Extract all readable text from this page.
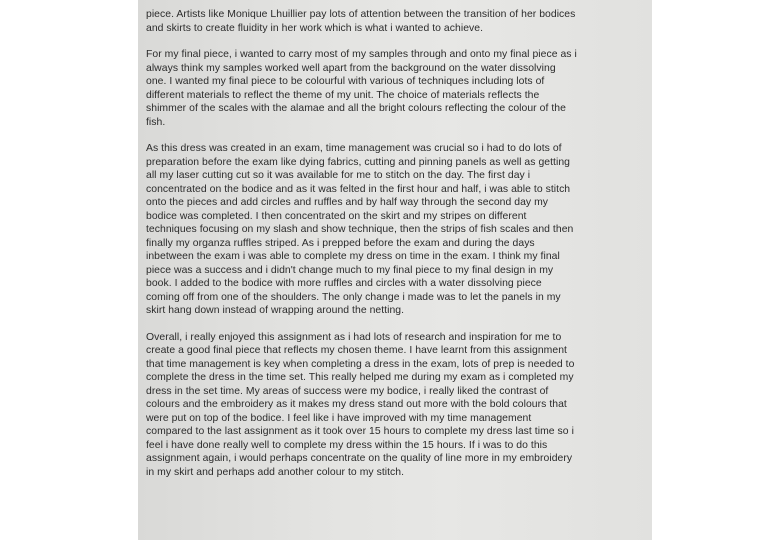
piece. Artists like Monique Lhuillier pay lots of attention between the transition of her bodices
and skirts to create fluidity in her work which is what i wanted to achieve.

For my final piece, i wanted to carry most of my samples through and onto my final piece as i
always think my samples worked well apart from the background on the water dissolving
one. I wanted my final piece to be colourful with various of techniques including lots of
different materials to reflect the theme of my unit. The choice of materials reflects the
shimmer of the scales with the alamae and all the bright colours reflecting the colour of the
fish.

As this dress was created in an exam, time management was crucial so i had to do lots of
preparation before the exam like dying fabrics, cutting and pinning panels as well as getting
all my laser cutting cut so it was available for me to stitch on the day. The first day i
concentrated on the bodice and as it was felted in the first hour and half, i was able to stitch
onto the pieces and add circles and ruffles and by half way through the second day my
bodice was completed. I then concentrated on the skirt and my stripes on different
techniques focusing on my slash and show technique, then the strips of fish scales and then
finally my organza ruffles striped. As i prepped before the exam and during the days
inbetween the exam i was able to complete my dress on time in the exam. I think my final
piece was a success and i didn't change much to my final piece to my final design in my
book. I added to the bodice with more ruffles and circles with a water dissolving piece
coming off from one of the shoulders. The only change i made was to let the panels in my
skirt hang down instead of wrapping around the netting.

Overall, i really enjoyed this assignment as i had lots of research and inspiration for me to
create a good final piece that reflects my chosen theme. I have learnt from this assignment
that time management is key when completing a dress in the exam, lots of prep is needed to
complete the dress in the time set. This really helped me during my exam as i completed my
dress in the set time. My areas of success were my bodice, i really liked the contrast of
colours and the embroidery as it makes my dress stand out more with the bold colours that
were put on top of the bodice. I feel like i have improved with my time management
compared to the last assignment as it took over 15 hours to complete my dress last time so i
feel i have done really well to complete my dress within the 15 hours. If i was to do this
assignment again, i would perhaps concentrate on the quality of line more in my embroidery
in my skirt and perhaps add another colour to my stitch.
